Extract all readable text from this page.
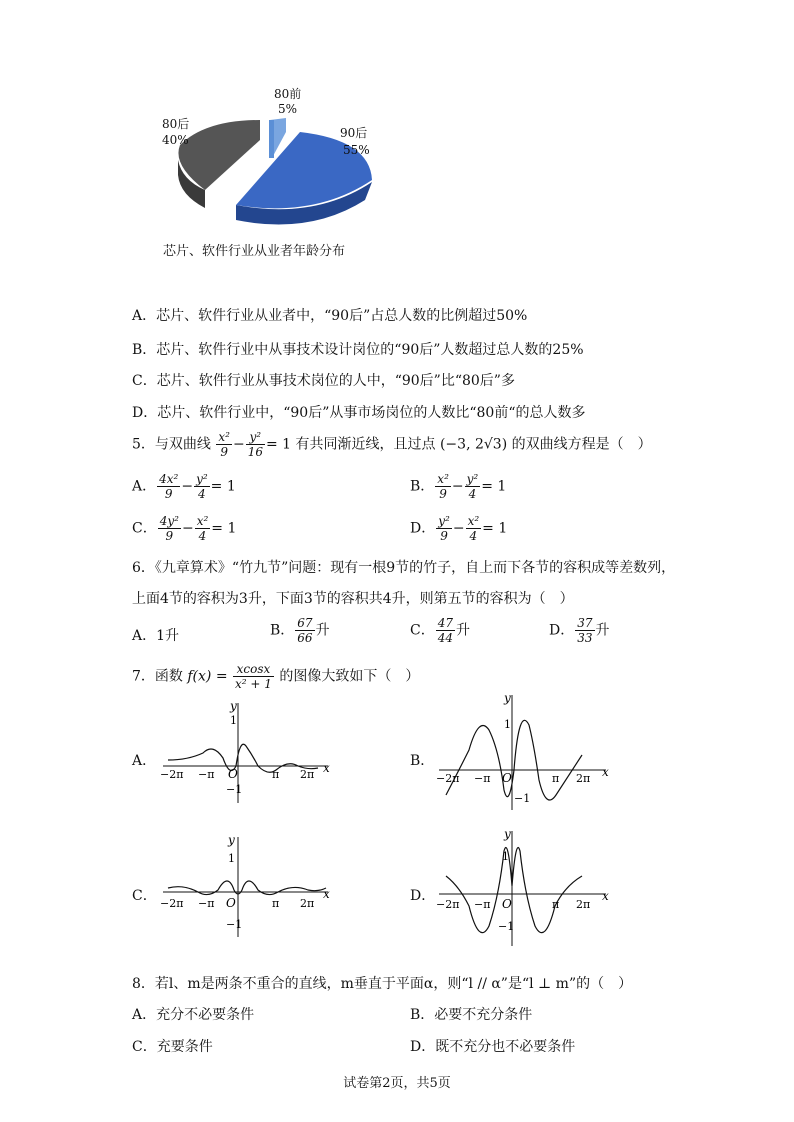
80前
5%
90后
55%
80后
40%
芯片、软件行业从业者年龄分布
A．芯片、软件行业从业者中，“90后”占总人数的比例超过50%
B．芯片、软件行业中从事技术设计岗位的“90后”人数超过总人数的25%
C．芯片、软件行业从事技术岗位的人中，“90后”比“80后”多
D．芯片、软件行业中，“90后”从事市场岗位的人数比“80前“的总人数多
5．与双曲线 $\frac{\text{x²}}{9} - \frac{\text{y²}}{16} = 1$ 有共同渐近线，且过点 (−3, 2√3) 的双曲线方程是（　）
A． $\frac{\text{4x²}}{9} - \frac{\text{y²}}{4} = 1$	B． $\frac{\text{x²}}{9} - \frac{\text{y²}}{4} = 1$
C． $\frac{\text{4y²}}{9} - \frac{\text{x²}}{4} = 1$	D． $\frac{\text{y²}}{9} - \frac{\text{x²}}{4} = 1$
6．《九章算术》“竹九节”问题：现有一根9节的竹子，自上而下各节的容积成等差数列，
上面4节的容积为3升，下面3节的容积共4升，则第五节的容积为（　）
A．1升	B． $\frac{67}{66}$ 升	C． $\frac{47}{44}$ 升	D． $\frac{37}{33}$ 升
7．函数 $f(x) = \frac{xcosx}{\text{x² + 1}}$ 的图像大致如下（　）
A．	B．
C．	D．
y
1
x
O
−1
−2π −π	π 2π
y
1
x
O
−1
−2π −π	π 2π
y
1
x
O
−1
−2π −π	π 2π
y
1
x
O
−1
−2π −π	π 2π
8．若l、m是两条不重合的直线，m垂直于平面α，则“l // α”是“l ⊥ m”的（　）
A．充分不必要条件	B．必要不充分条件
C．充要条件	D．既不充分也不必要条件
试卷第2页，共5页
